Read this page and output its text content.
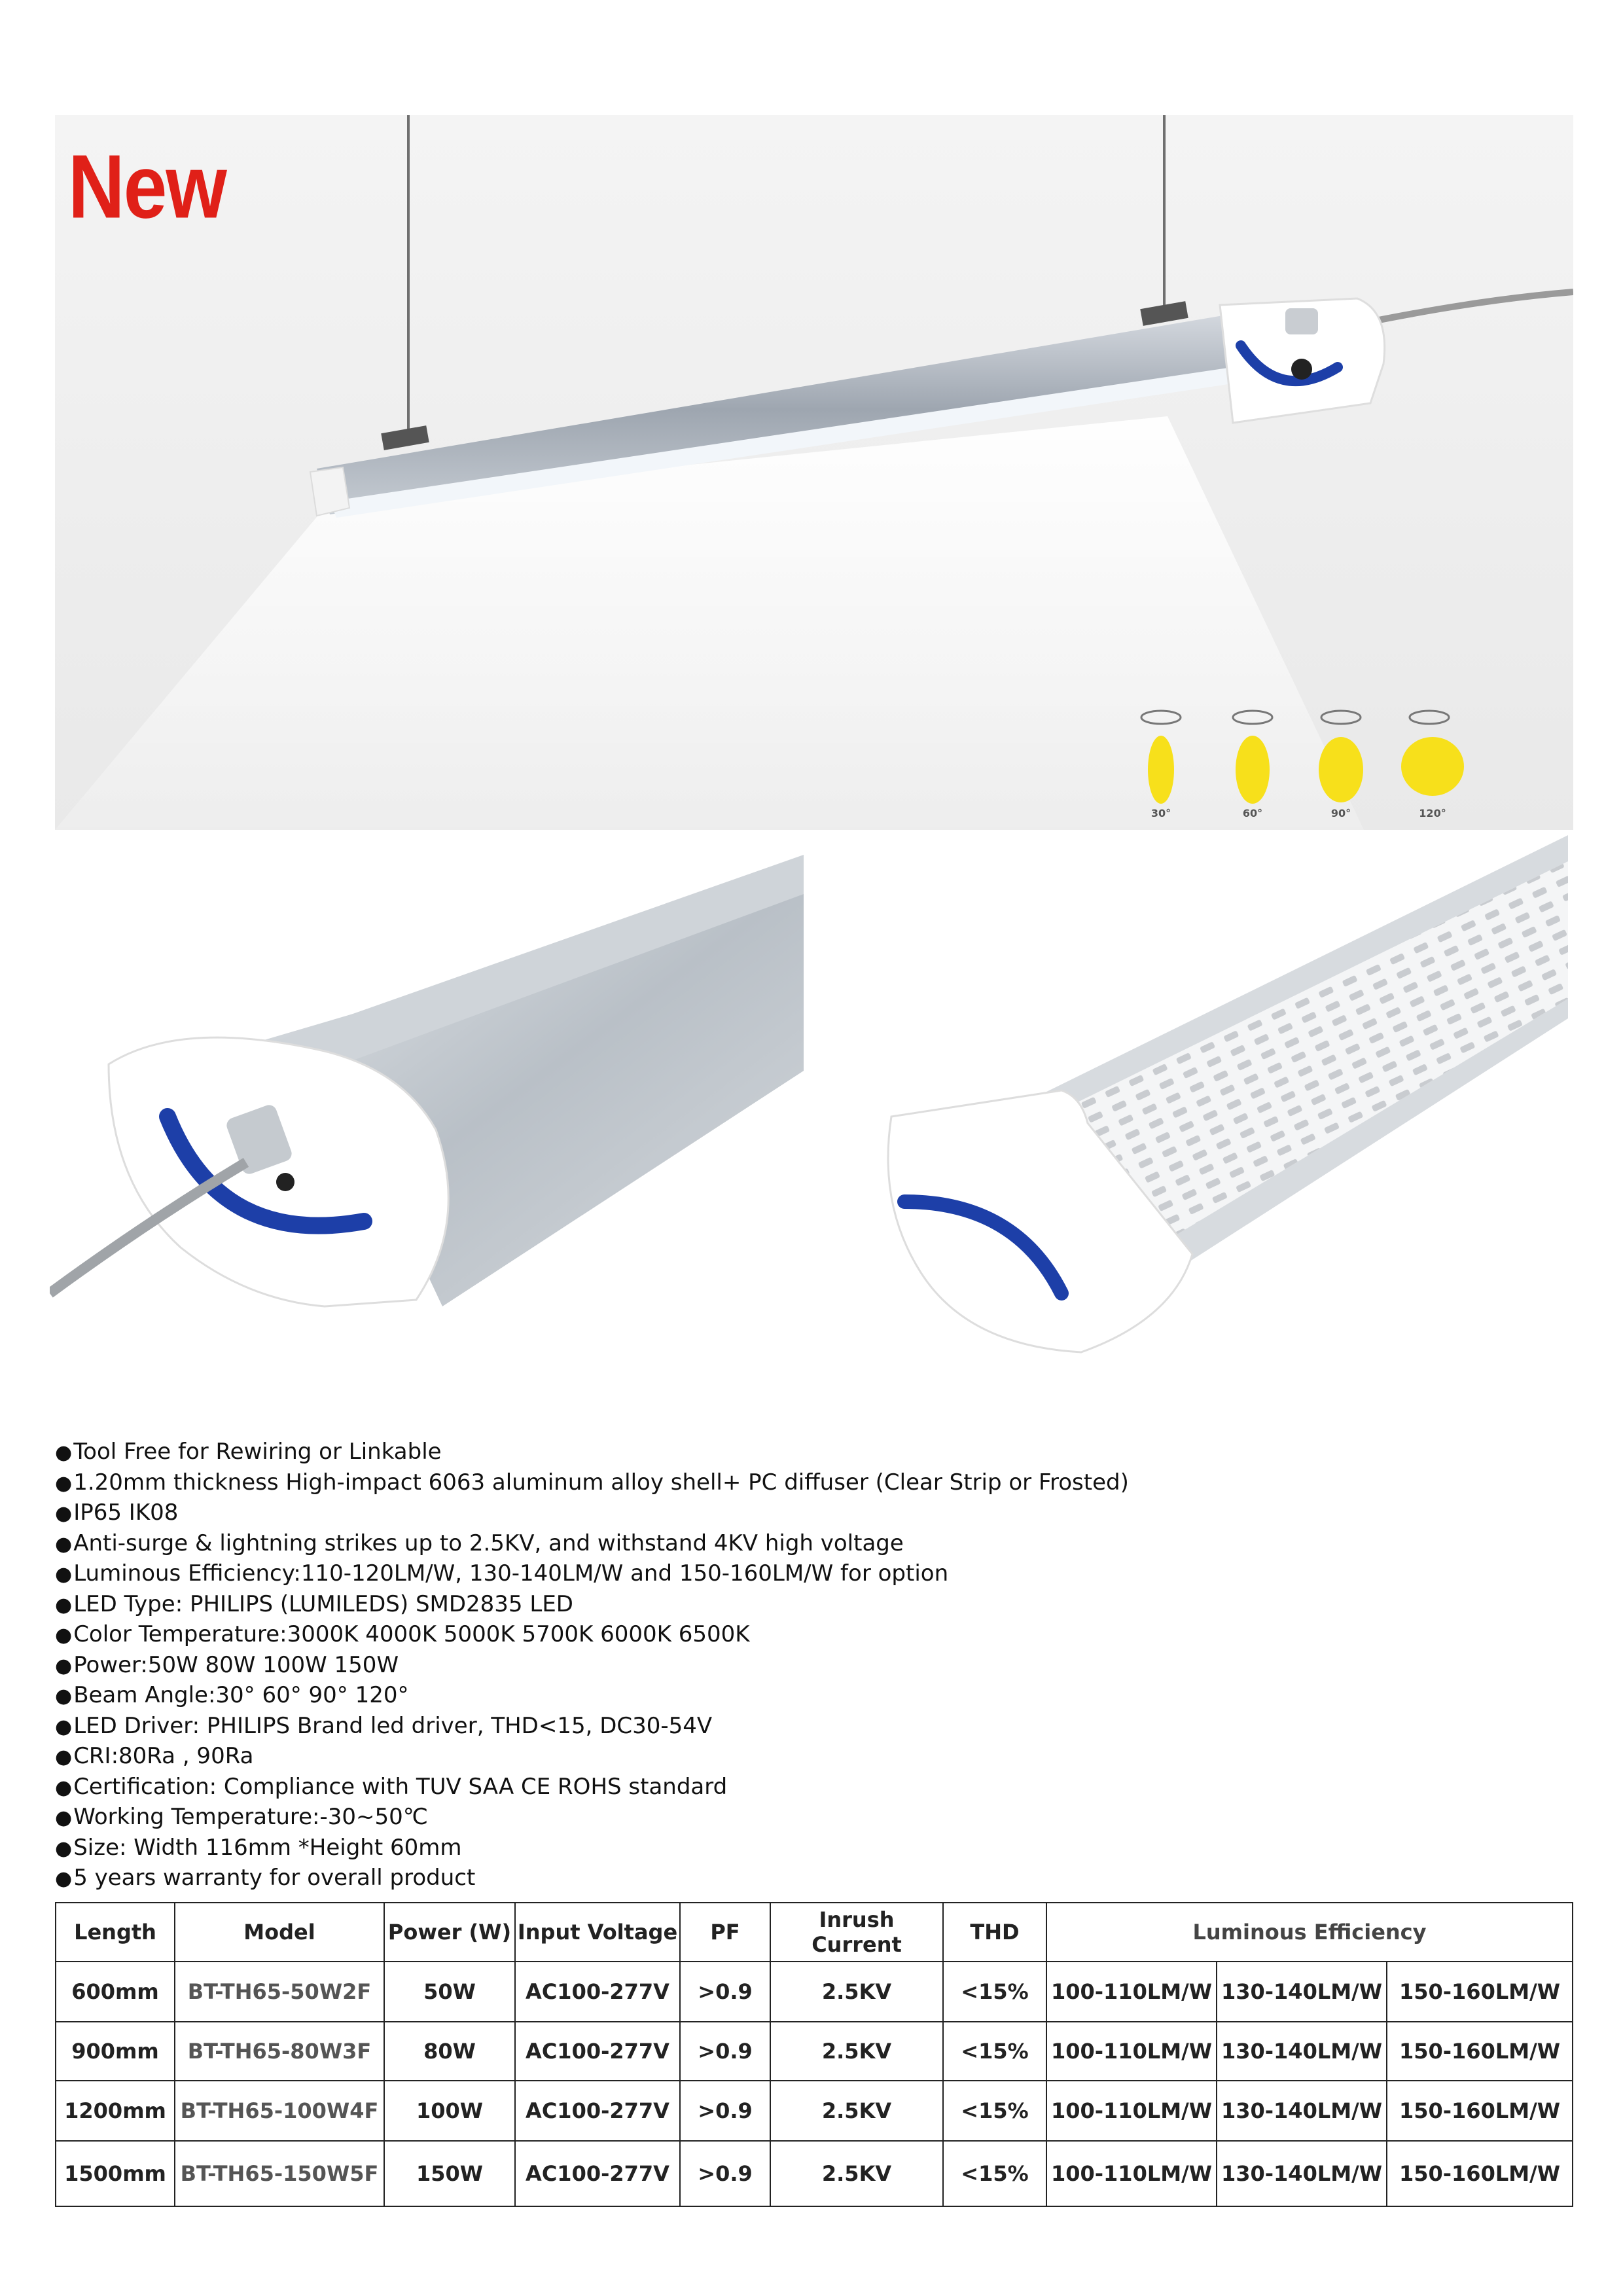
30°	60°	90°	120°
New
● Tool Free for Rewiring or Linkable
● 1.20mm thickness High-impact 6063 aluminum alloy shell+ PC diffuser (Clear Strip or Frosted)
● IP65 IK08
● Anti-surge & lightning strikes up to 2.5KV, and withstand 4KV high voltage
● Luminous Efficiency:110-120LM/W, 130-140LM/W and 150-160LM/W for option
● LED Type: PHILIPS (LUMILEDS) SMD2835 LED
● Color Temperature:3000K 4000K 5000K 5700K 6000K 6500K
● Power:50W 80W 100W 150W
● Beam Angle:30° 60° 90° 120°
● LED Driver: PHILIPS Brand led driver, THD<15, DC30-54V
● CRI:80Ra , 90Ra
● Certification: Compliance with TUV SAA CE ROHS standard
● Working Temperature:-30~50℃
● Size: Width 116mm *Height 60mm
● 5 years warranty for overall product
Length	Model	Power (W)	Input Voltage	PF	Inrush Current	THD	Luminous Efficiency		
600mm	BT-TH65-50W2F	50W	AC100-277V	>0.9	2.5KV	<15%	100-110LM/W	130-140LM/W	150-160LM/W
900mm	BT-TH65-80W3F	80W	AC100-277V	>0.9	2.5KV	<15%	100-110LM/W	130-140LM/W	150-160LM/W
1200mm	BT-TH65-100W4F	100W	AC100-277V	>0.9	2.5KV	<15%	100-110LM/W	130-140LM/W	150-160LM/W
1500mm	BT-TH65-150W5F	150W	AC100-277V	>0.9	2.5KV	<15%	100-110LM/W	130-140LM/W	150-160LM/W
